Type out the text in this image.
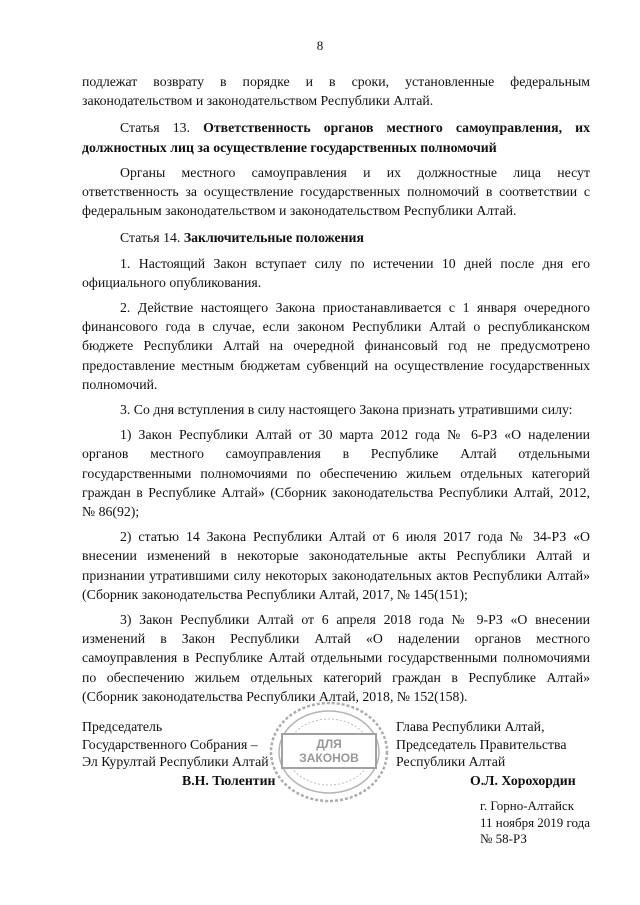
8

подлежат возврату в порядке и в сроки, установленные федеральным законодательством и законодательством Республики Алтай.

Статья 13. Ответственность органов местного самоуправления, их должностных лиц за осуществление государственных полномочий

Органы местного самоуправления и их должностные лица несут ответственность за осуществление государственных полномочий в соответствии с федеральным законодательством и законодательством Республики Алтай.

Статья 14. Заключительные положения

1. Настоящий Закон вступает силу по истечении 10 дней после дня его официального опубликования.

2. Действие настоящего Закона приостанавливается с 1 января очередного финансового года в случае, если законом Республики Алтай о республиканском бюджете Республики Алтай на очередной финансовый год не предусмотрено предоставление местным бюджетам субвенций на осуществление государственных полномочий.

3. Со дня вступления в силу настоящего Закона признать утратившими силу:

1) Закон Республики Алтай от 30 марта 2012 года № 6-РЗ «О наделении органов местного самоуправления в Республике Алтай отдельными государственными полномочиями по обеспечению жильем отдельных категорий граждан в Республике Алтай» (Сборник законодательства Республики Алтай, 2012, № 86(92);

2) статью 14 Закона Республики Алтай от 6 июля 2017 года № 34-РЗ «О внесении изменений в некоторые законодательные акты Республики Алтай и признании утратившими силу некоторых законодательных актов Республики Алтай» (Сборник законодательства Республики Алтай, 2017, № 145(151);

3) Закон Республики Алтай от 6 апреля 2018 года № 9-РЗ «О внесении изменений в Закон Республики Алтай «О наделении органов местного самоуправления в Республике Алтай отдельными государственными полномочиями по обеспечению жильем отдельных категорий граждан в Республике Алтай» (Сборник законодательства Республики Алтай, 2018, № 152(158).

Председатель
Государственного Собрания –
Эл Курултай Республики Алтай
В.Н. Тюлентин
Глава Республики Алтай,
Председатель Правительства
Республики Алтай
О.Л. Хорохордин
ДЛЯ
ЗАКОНОВ
г. Горно-Алтайск
11 ноября 2019 года
№ 58-РЗ
